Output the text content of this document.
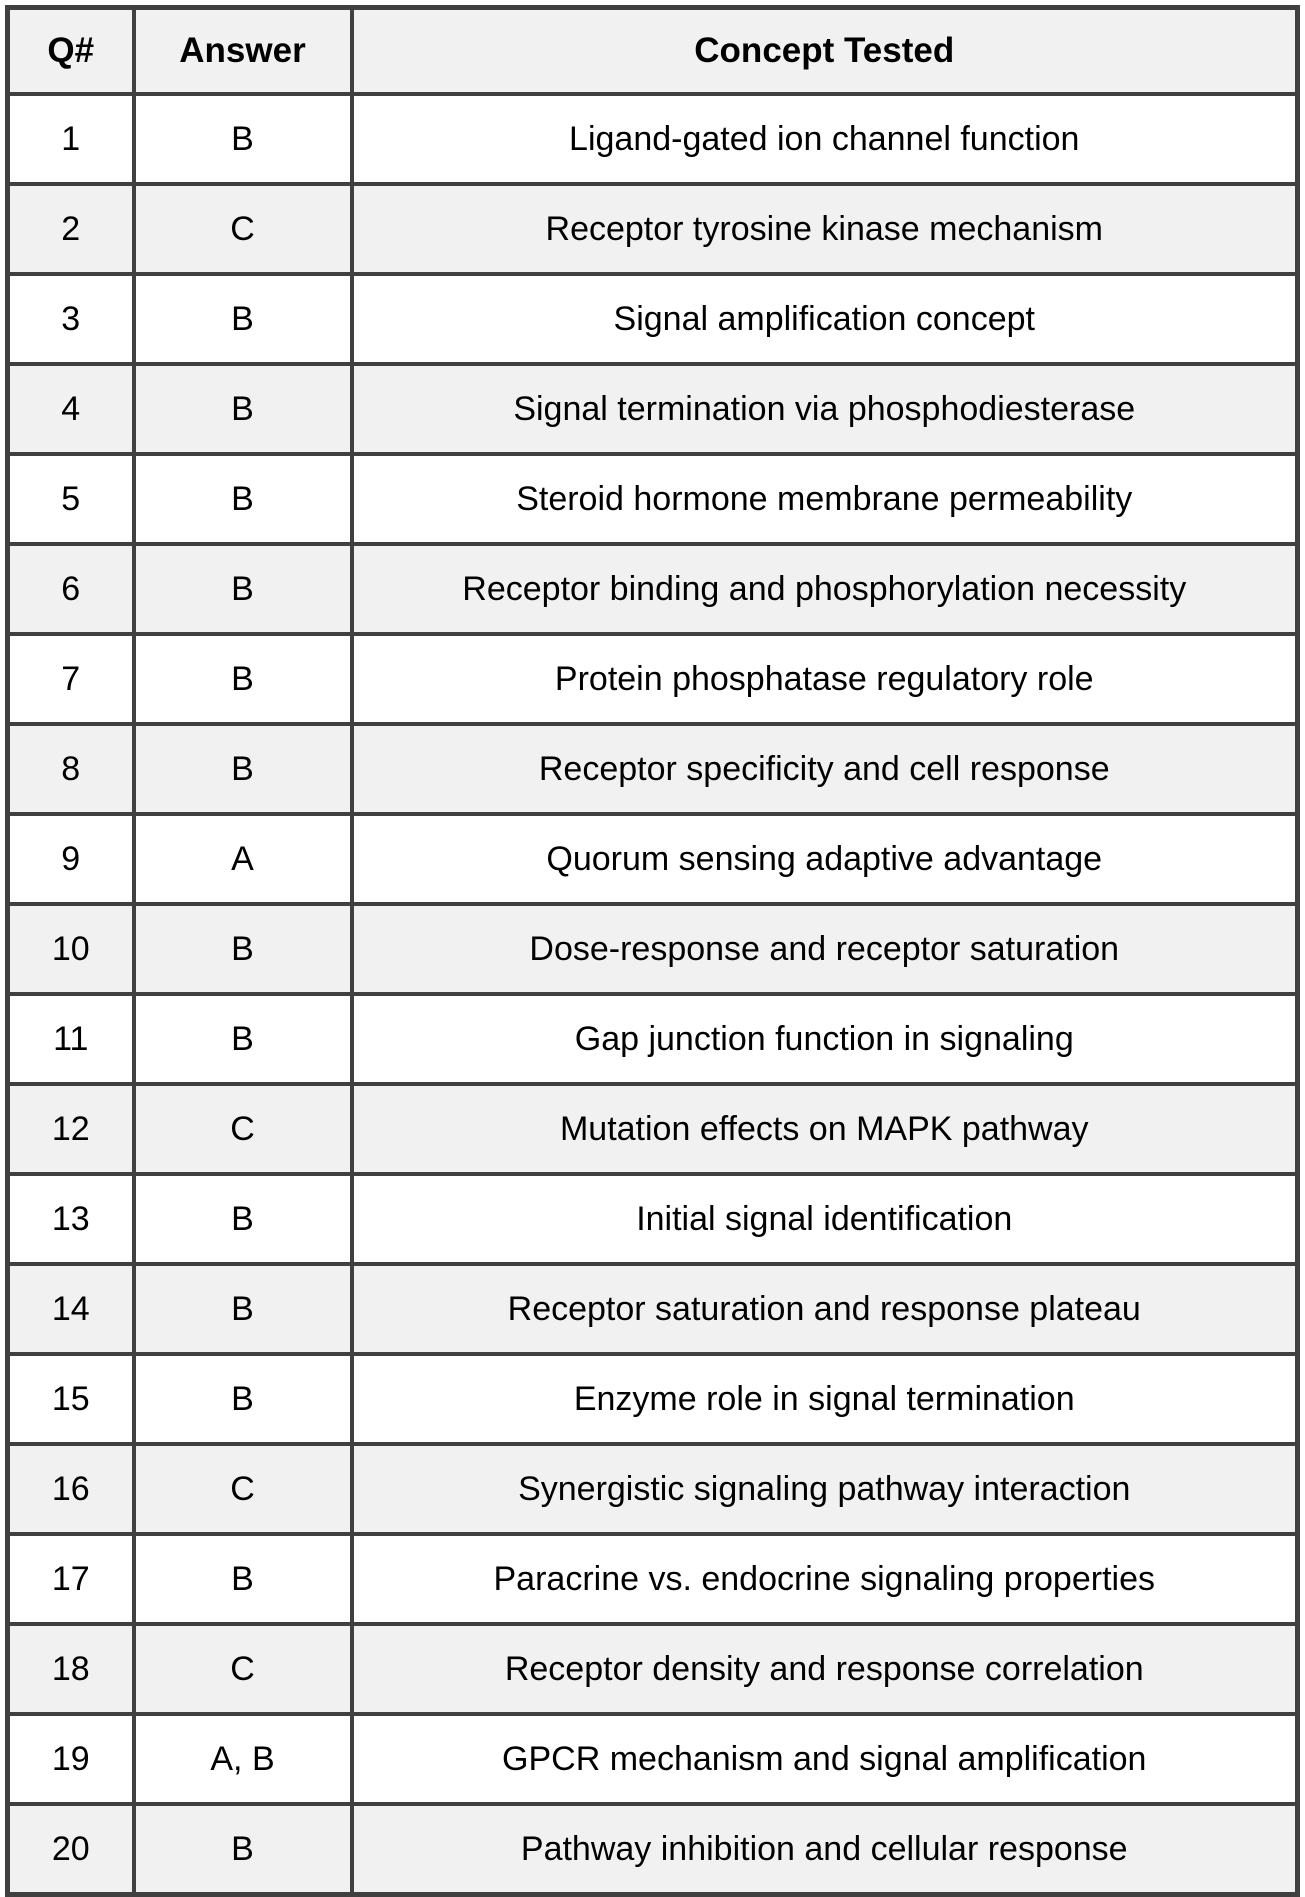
Q#	Answer	Concept Tested
1	B	Ligand-gated ion channel function
2	C	Receptor tyrosine kinase mechanism
3	B	Signal amplification concept
4	B	Signal termination via phosphodiesterase
5	B	Steroid hormone membrane permeability
6	B	Receptor binding and phosphorylation necessity
7	B	Protein phosphatase regulatory role
8	B	Receptor specificity and cell response
9	A	Quorum sensing adaptive advantage
10	B	Dose-response and receptor saturation
11	B	Gap junction function in signaling
12	C	Mutation effects on MAPK pathway
13	B	Initial signal identification
14	B	Receptor saturation and response plateau
15	B	Enzyme role in signal termination
16	C	Synergistic signaling pathway interaction
17	B	Paracrine vs. endocrine signaling properties
18	C	Receptor density and response correlation
19	A, B	GPCR mechanism and signal amplification
20	B	Pathway inhibition and cellular response
